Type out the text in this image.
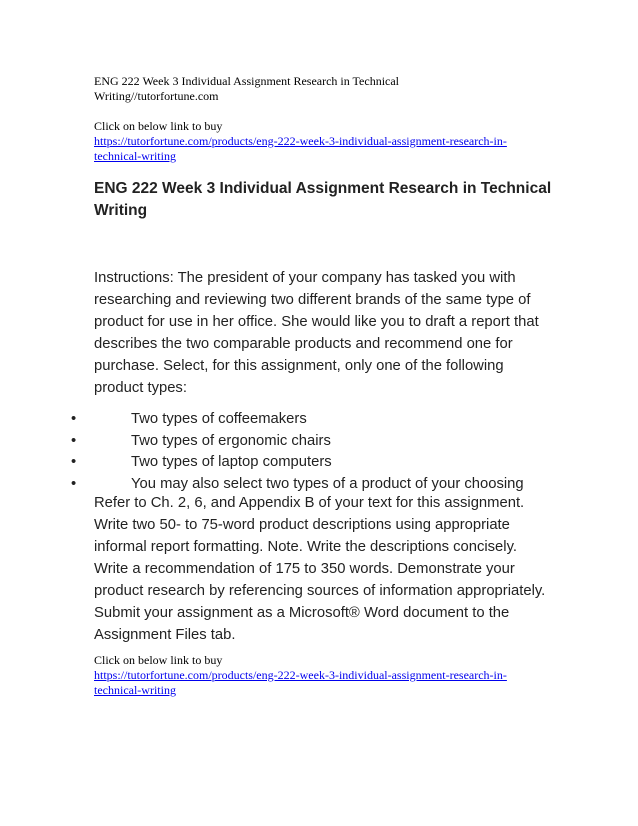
ENG 222 Week 3 Individual Assignment Research in Technical
Writing//tutorfortune.com
Click on below link to buy
https://tutorfortune.com/products/eng-222-week-3-individual-assignment-research-in-
technical-writing
ENG 222 Week 3 Individual Assignment Research in Technical
Writing
Instructions: The president of your company has tasked you with
researching and reviewing two different brands of the same type of
product for use in her office. She would like you to draft a report that
describes the two comparable products and recommend one for
purchase. Select, for this assignment, only one of the following
product types:
•	Two types of coffeemakers
•	Two types of ergonomic chairs
•	Two types of laptop computers
•	You may also select two types of a product of your choosing
Refer to Ch. 2, 6, and Appendix B of your text for this assignment.
Write two 50- to 75-word product descriptions using appropriate
informal report formatting. Note. Write the descriptions concisely.
Write a recommendation of 175 to 350 words. Demonstrate your
product research by referencing sources of information appropriately.
Submit your assignment as a Microsoft® Word document to the
Assignment Files tab.
Click on below link to buy
https://tutorfortune.com/products/eng-222-week-3-individual-assignment-research-in-
technical-writing
